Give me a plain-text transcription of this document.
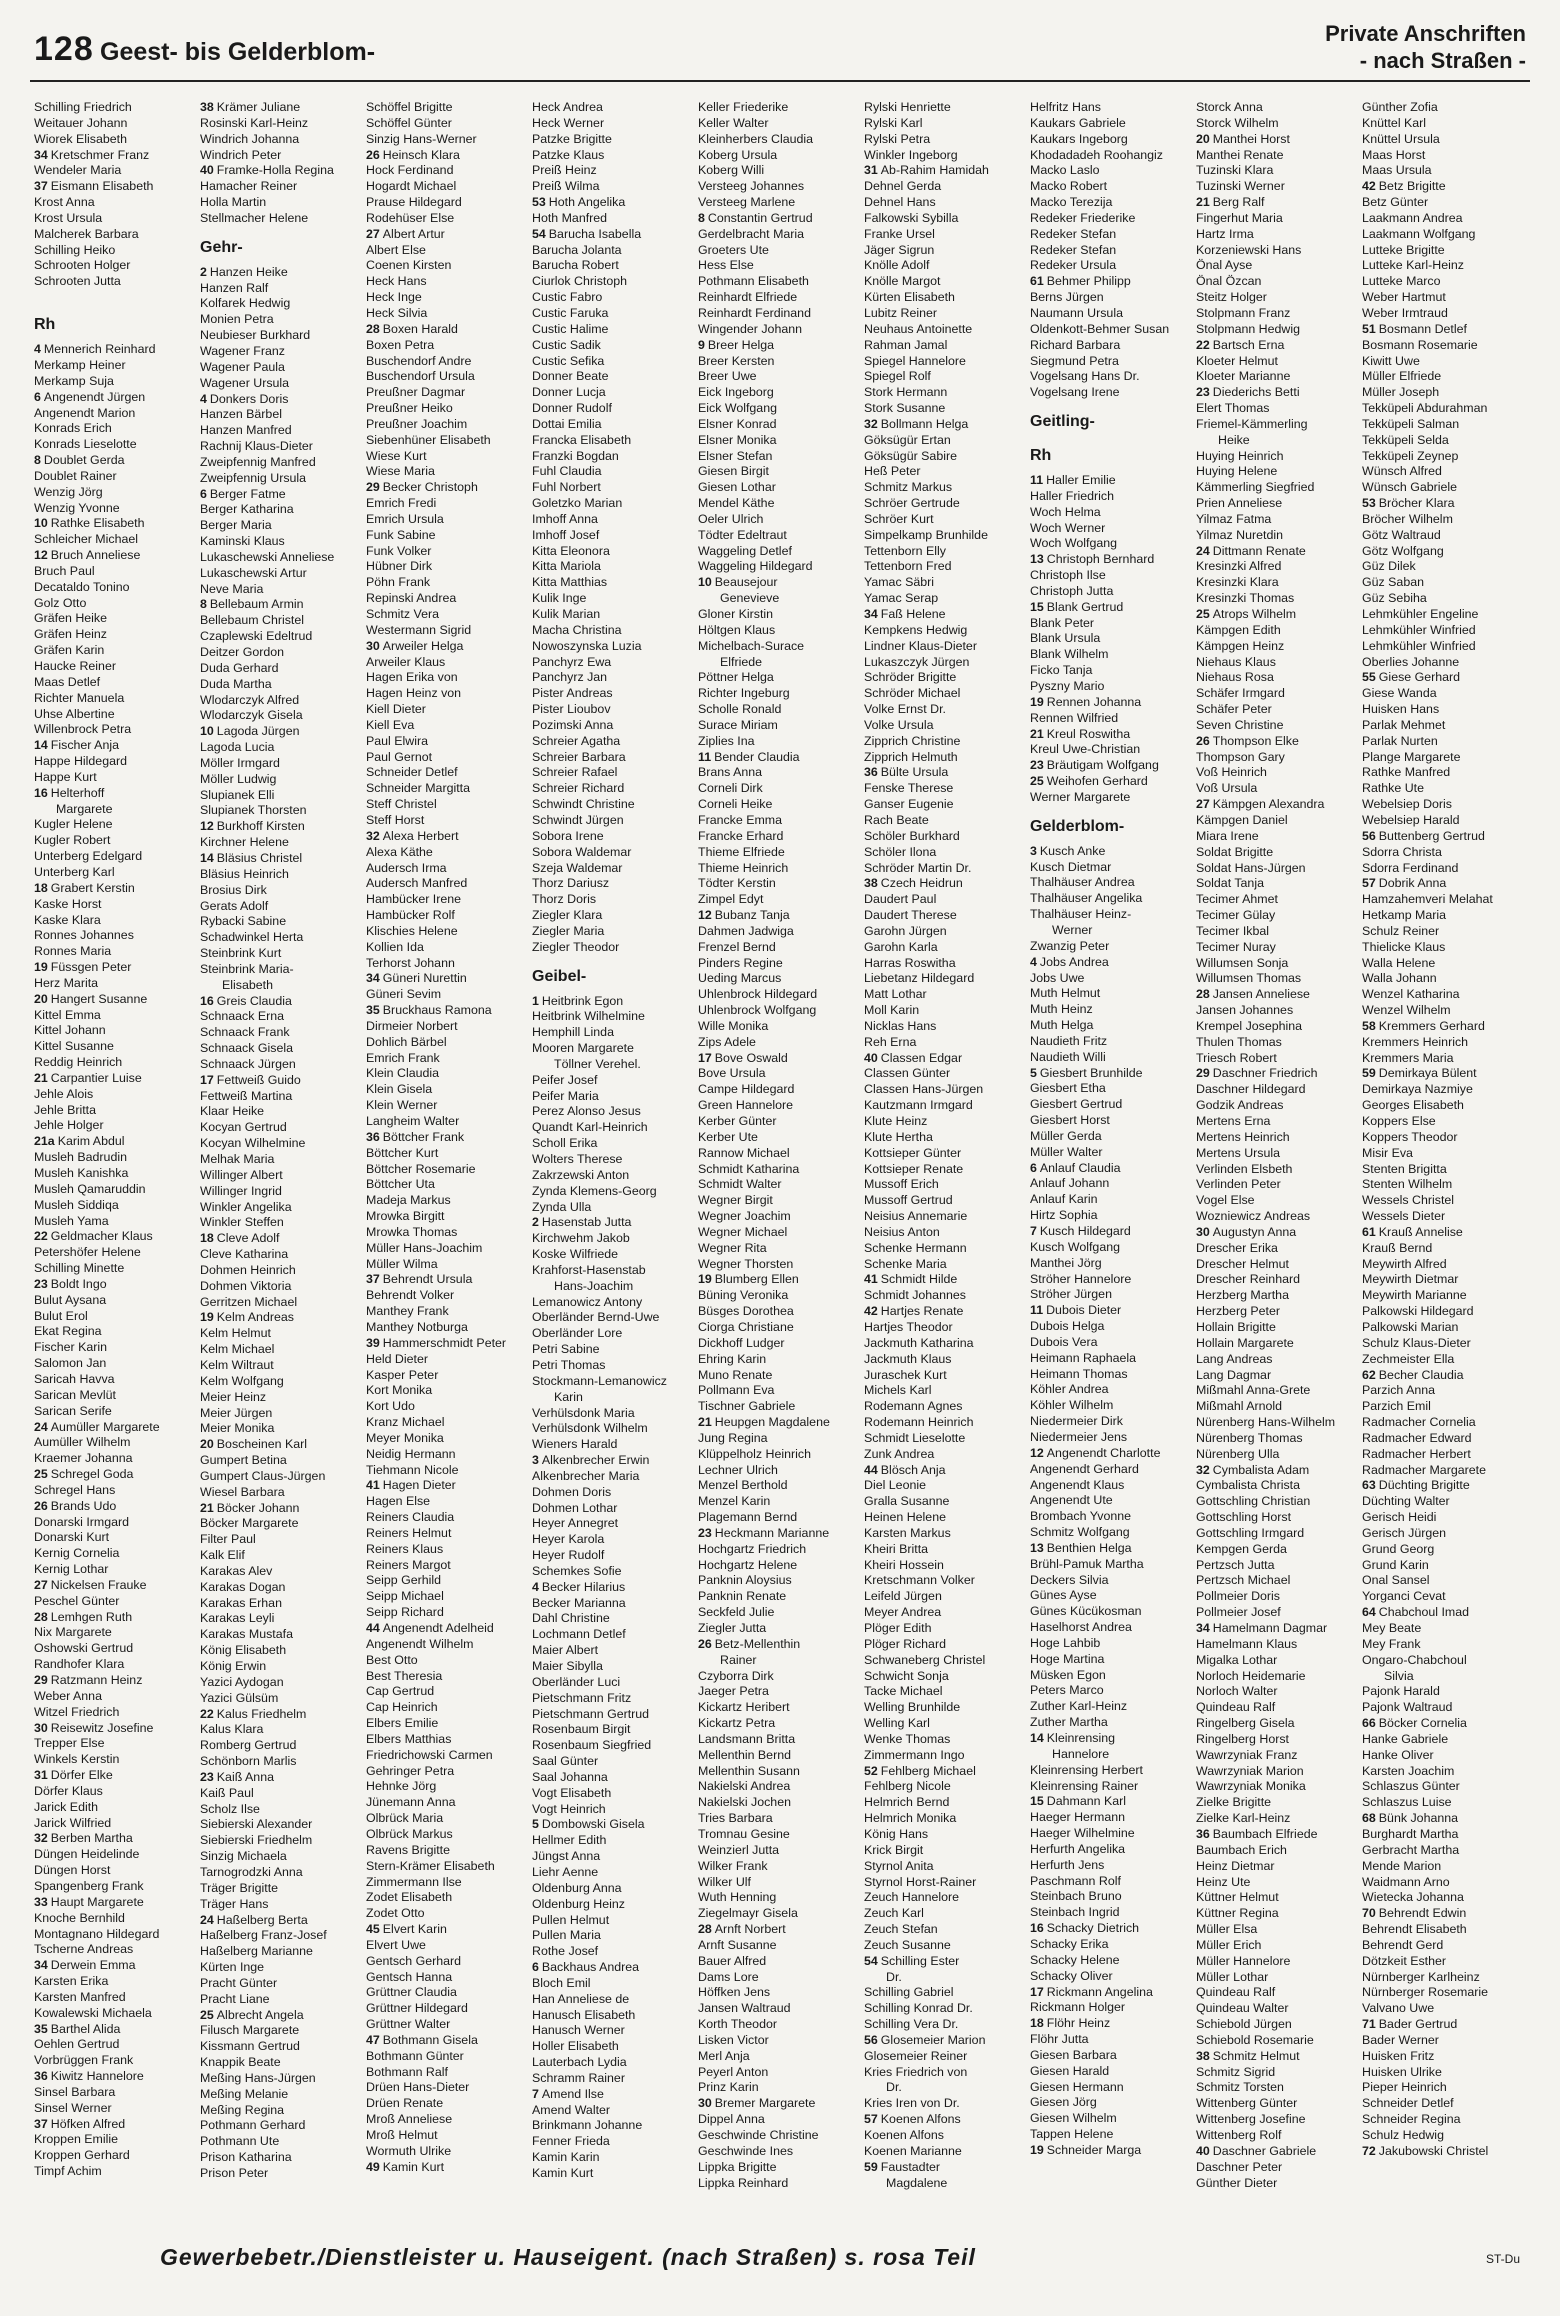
128 Geest- bis Gelderblom-
Private Anschriften
- nach Straßen -
Schilling Friedrich
Weitauer Johann
Wiorek Elisabeth
34 Kretschmer Franz
Wendeler Maria
37 Eismann Elisabeth
Krost Anna
Krost Ursula
Malcherek Barbara
Schilling Heiko
Schrooten Holger
Schrooten Jutta
Rh
4 Mennerich Reinhard
Merkamp Heiner
Merkamp Suja
6 Angenendt Jürgen
Angenendt Marion
Konrads Erich
Konrads Lieselotte
8 Doublet Gerda
Doublet Rainer
Wenzig Jörg
Wenzig Yvonne
10 Rathke Elisabeth
Schleicher Michael
12 Bruch Anneliese
Bruch Paul
Decataldo Tonino
Golz Otto
Gräfen Heike
Gräfen Heinz
Gräfen Karin
Haucke Reiner
Maas Detlef
Richter Manuela
Uhse Albertine
Willenbrock Petra
14 Fischer Anja
Happe Hildegard
Happe Kurt
16 Helterhoff
Margarete
Kugler Helene
Kugler Robert
Unterberg Edelgard
Unterberg Karl
18 Grabert Kerstin
Kaske Horst
Kaske Klara
Ronnes Johannes
Ronnes Maria
19 Füssgen Peter
Herz Marita
20 Hangert Susanne
Kittel Emma
Kittel Johann
Kittel Susanne
Reddig Heinrich
21 Carpantier Luise
Jehle Alois
Jehle Britta
Jehle Holger
21a Karim Abdul
Musleh Badrudin
Musleh Kanishka
Musleh Qamaruddin
Musleh Siddiqa
Musleh Yama
22 Geldmacher Klaus
Petershöfer Helene
Schilling Minette
23 Boldt Ingo
Bulut Aysana
Bulut Erol
Ekat Regina
Fischer Karin
Salomon Jan
Saricah Havva
Sarican Mevlüt
Sarican Serife
24 Aumüller Margarete
Aumüller Wilhelm
Kraemer Johanna
25 Schregel Goda
Schregel Hans
26 Brands Udo
Donarski Irmgard
Donarski Kurt
Kernig Cornelia
Kernig Lothar
27 Nickelsen Frauke
Peschel Günter
28 Lemhgen Ruth
Nix Margarete
Oshowski Gertrud
Randhofer Klara
29 Ratzmann Heinz
Weber Anna
Witzel Friedrich
30 Reisewitz Josefine
Trepper Else
Winkels Kerstin
31 Dörfer Elke
Dörfer Klaus
Jarick Edith
Jarick Wilfried
32 Berben Martha
Düngen Heidelinde
Düngen Horst
Spangenberg Frank
33 Haupt Margarete
Knoche Bernhild
Montagnano Hildegard
Tscherne Andreas
34 Derwein Emma
Karsten Erika
Karsten Manfred
Kowalewski Michaela
35 Barthel Alida
Oehlen Gertrud
Vorbrüggen Frank
36 Kiwitz Hannelore
Sinsel Barbara
Sinsel Werner
37 Höfken Alfred
Kroppen Emilie
Kroppen Gerhard
Timpf Achim
38 Krämer Juliane
Rosinski Karl-Heinz
Windrich Johanna
Windrich Peter
40 Framke-Holla Regina
Hamacher Reiner
Holla Martin
Stellmacher Helene
Gehr-
2 Hanzen Heike
Hanzen Ralf
Kolfarek Hedwig
Monien Petra
Neubieser Burkhard
Wagener Franz
Wagener Paula
Wagener Ursula
4 Donkers Doris
Hanzen Bärbel
Hanzen Manfred
Rachnij Klaus-Dieter
Zweipfennig Manfred
Zweipfennig Ursula
6 Berger Fatme
Berger Katharina
Berger Maria
Kaminski Klaus
Lukaschewski Anneliese
Lukaschewski Artur
Neve Maria
8 Bellebaum Armin
Bellebaum Christel
Czaplewski Edeltrud
Deitzer Gordon
Duda Gerhard
Duda Martha
Wlodarczyk Alfred
Wlodarczyk Gisela
10 Lagoda Jürgen
Lagoda Lucia
Möller Irmgard
Möller Ludwig
Slupianek Elli
Slupianek Thorsten
12 Burkhoff Kirsten
Kirchner Helene
14 Bläsius Christel
Bläsius Heinrich
Brosius Dirk
Gerats Adolf
Rybacki Sabine
Schadwinkel Herta
Steinbrink Kurt
Steinbrink Maria-
Elisabeth
16 Greis Claudia
Schnaack Erna
Schnaack Frank
Schnaack Gisela
Schnaack Jürgen
17 Fettweiß Guido
Fettweiß Martina
Klaar Heike
Kocyan Gertrud
Kocyan Wilhelmine
Melhak Maria
Willinger Albert
Willinger Ingrid
Winkler Angelika
Winkler Steffen
18 Cleve Adolf
Cleve Katharina
Dohmen Heinrich
Dohmen Viktoria
Gerritzen Michael
19 Kelm Andreas
Kelm Helmut
Kelm Michael
Kelm Wiltraut
Kelm Wolfgang
Meier Heinz
Meier Jürgen
Meier Monika
20 Boscheinen Karl
Gumpert Betina
Gumpert Claus-Jürgen
Wiesel Barbara
21 Böcker Johann
Böcker Margarete
Filter Paul
Kalk Elif
Karakas Alev
Karakas Dogan
Karakas Erhan
Karakas Leyli
Karakas Mustafa
König Elisabeth
König Erwin
Yazici Aydogan
Yazici Gülsüm
22 Kalus Friedhelm
Kalus Klara
Romberg Gertrud
Schönborn Marlis
23 Kaiß Anna
Kaiß Paul
Scholz Ilse
Siebierski Alexander
Siebierski Friedhelm
Sinzig Michaela
Tarnogrodzki Anna
Träger Brigitte
Träger Hans
24 Haßelberg Berta
Haßelberg Franz-Josef
Haßelberg Marianne
Kürten Inge
Pracht Günter
Pracht Liane
25 Albrecht Angela
Filusch Margarete
Kissmann Gertrud
Knappik Beate
Meßing Hans-Jürgen
Meßing Melanie
Meßing Regina
Pothmann Gerhard
Pothmann Ute
Prison Katharina
Prison Peter
Schöffel Brigitte
Schöffel Günter
Sinzig Hans-Werner
26 Heinsch Klara
Hock Ferdinand
Hogardt Michael
Prause Hildegard
Rodehüser Else
27 Albert Artur
Albert Else
Coenen Kirsten
Heck Hans
Heck Inge
Heck Silvia
28 Boxen Harald
Boxen Petra
Buschendorf Andre
Buschendorf Ursula
Preußner Dagmar
Preußner Heiko
Preußner Joachim
Siebenhüner Elisabeth
Wiese Kurt
Wiese Maria
29 Becker Christoph
Emrich Fredi
Emrich Ursula
Funk Sabine
Funk Volker
Hübner Dirk
Pöhn Frank
Repinski Andrea
Schmitz Vera
Westermann Sigrid
30 Arweiler Helga
Arweiler Klaus
Hagen Erika von
Hagen Heinz von
Kiell Dieter
Kiell Eva
Paul Elwira
Paul Gernot
Schneider Detlef
Schneider Margitta
Steff Christel
Steff Horst
32 Alexa Herbert
Alexa Käthe
Audersch Irma
Audersch Manfred
Hambücker Irene
Hambücker Rolf
Klischies Helene
Kollien Ida
Terhorst Johann
34 Güneri Nurettin
Güneri Sevim
35 Bruckhaus Ramona
Dirmeier Norbert
Dohlich Bärbel
Emrich Frank
Klein Claudia
Klein Gisela
Klein Werner
Langheim Walter
36 Böttcher Frank
Böttcher Kurt
Böttcher Rosemarie
Böttcher Uta
Madeja Markus
Mrowka Birgitt
Mrowka Thomas
Müller Hans-Joachim
Müller Wilma
37 Behrendt Ursula
Behrendt Volker
Manthey Frank
Manthey Notburga
39 Hammerschmidt Peter
Held Dieter
Kasper Peter
Kort Monika
Kort Udo
Kranz Michael
Meyer Monika
Neidig Hermann
Tiehmann Nicole
41 Hagen Dieter
Hagen Else
Reiners Claudia
Reiners Helmut
Reiners Klaus
Reiners Margot
Seipp Gerhild
Seipp Michael
Seipp Richard
44 Angenendt Adelheid
Angenendt Wilhelm
Best Otto
Best Theresia
Cap Gertrud
Cap Heinrich
Elbers Emilie
Elbers Matthias
Friedrichowski Carmen
Gehringer Petra
Hehnke Jörg
Jünemann Anna
Olbrück Maria
Olbrück Markus
Ravens Brigitte
Stern-Krämer Elisabeth
Zimmermann Ilse
Zodet Elisabeth
Zodet Otto
45 Elvert Karin
Elvert Uwe
Gentsch Gerhard
Gentsch Hanna
Grüttner Claudia
Grüttner Hildegard
Grüttner Walter
47 Bothmann Gisela
Bothmann Günter
Bothmann Ralf
Drüen Hans-Dieter
Drüen Renate
Mroß Anneliese
Mroß Helmut
Wormuth Ulrike
49 Kamin Kurt
Heck Andrea
Heck Werner
Patzke Brigitte
Patzke Klaus
Preiß Heinz
Preiß Wilma
53 Hoth Angelika
Hoth Manfred
54 Barucha Isabella
Barucha Jolanta
Barucha Robert
Ciurlok Christoph
Custic Fabro
Custic Faruka
Custic Halime
Custic Sadik
Custic Sefika
Donner Beate
Donner Lucja
Donner Rudolf
Dottai Emilia
Francka Elisabeth
Franzki Bogdan
Fuhl Claudia
Fuhl Norbert
Goletzko Marian
Imhoff Anna
Imhoff Josef
Kitta Eleonora
Kitta Mariola
Kitta Matthias
Kulik Inge
Kulik Marian
Macha Christina
Nowoszynska Luzia
Panchyrz Ewa
Panchyrz Jan
Pister Andreas
Pister Lioubov
Pozimski Anna
Schreier Agatha
Schreier Barbara
Schreier Rafael
Schreier Richard
Schwindt Christine
Schwindt Jürgen
Sobora Irene
Sobora Waldemar
Szeja Waldemar
Thorz Dariusz
Thorz Doris
Ziegler Klara
Ziegler Maria
Ziegler Theodor
Geibel-
1 Heitbrink Egon
Heitbrink Wilhelmine
Hemphill Linda
Mooren Margarete
Töllner Verehel.
Peifer Josef
Peifer Maria
Perez Alonso Jesus
Quandt Karl-Heinrich
Scholl Erika
Wolters Therese
Zakrzewski Anton
Zynda Klemens-Georg
Zynda Ulla
2 Hasenstab Jutta
Kirchwehm Jakob
Koske Wilfriede
Krahforst-Hasenstab
Hans-Joachim
Lemanowicz Antony
Oberländer Bernd-Uwe
Oberländer Lore
Petri Sabine
Petri Thomas
Stockmann-Lemanowicz
Karin
Verhülsdonk Maria
Verhülsdonk Wilhelm
Wieners Harald
3 Alkenbrecher Erwin
Alkenbrecher Maria
Dohmen Doris
Dohmen Lothar
Heyer Annegret
Heyer Karola
Heyer Rudolf
Schemkes Sofie
4 Becker Hilarius
Becker Marianna
Dahl Christine
Lochmann Detlef
Maier Albert
Maier Sibylla
Oberländer Luci
Pietschmann Fritz
Pietschmann Gertrud
Rosenbaum Birgit
Rosenbaum Siegfried
Saal Günter
Saal Johanna
Vogt Elisabeth
Vogt Heinrich
5 Dombowski Gisela
Hellmer Edith
Jüngst Anna
Liehr Aenne
Oldenburg Anna
Oldenburg Heinz
Pullen Helmut
Pullen Maria
Rothe Josef
6 Backhaus Andrea
Bloch Emil
Han Anneliese de
Hanusch Elisabeth
Hanusch Werner
Holler Elisabeth
Lauterbach Lydia
Schramm Rainer
7 Amend Ilse
Amend Walter
Brinkmann Johanne
Fenner Frieda
Kamin Karin
Kamin Kurt
Keller Friederike
Keller Walter
Kleinherbers Claudia
Koberg Ursula
Koberg Willi
Versteeg Johannes
Versteeg Marlene
8 Constantin Gertrud
Gerdelbracht Maria
Groeters Ute
Hess Else
Pothmann Elisabeth
Reinhardt Elfriede
Reinhardt Ferdinand
Wingender Johann
9 Breer Helga
Breer Kersten
Breer Uwe
Eick Ingeborg
Eick Wolfgang
Elsner Konrad
Elsner Monika
Elsner Stefan
Giesen Birgit
Giesen Lothar
Mendel Käthe
Oeler Ulrich
Tödter Edeltraut
Waggeling Detlef
Waggeling Hildegard
10 Beausejour
Genevieve
Gloner Kirstin
Höltgen Klaus
Michelbach-Surace
Elfriede
Pöttner Helga
Richter Ingeburg
Scholle Ronald
Surace Miriam
Ziplies Ina
11 Bender Claudia
Brans Anna
Corneli Dirk
Corneli Heike
Francke Emma
Francke Erhard
Thieme Elfriede
Thieme Heinrich
Tödter Kerstin
Zimpel Edyt
12 Bubanz Tanja
Dahmen Jadwiga
Frenzel Bernd
Pinders Regine
Ueding Marcus
Uhlenbrock Hildegard
Uhlenbrock Wolfgang
Wille Monika
Zips Adele
17 Bove Oswald
Bove Ursula
Campe Hildegard
Green Hannelore
Kerber Günter
Kerber Ute
Rannow Michael
Schmidt Katharina
Schmidt Walter
Wegner Birgit
Wegner Joachim
Wegner Michael
Wegner Rita
Wegner Thorsten
19 Blumberg Ellen
Büning Veronika
Büsges Dorothea
Ciorga Christiane
Dickhoff Ludger
Ehring Karin
Muno Renate
Pollmann Eva
Tischner Gabriele
21 Heupgen Magdalene
Jung Regina
Klüppelholz Heinrich
Lechner Ulrich
Menzel Berthold
Menzel Karin
Plagemann Bernd
23 Heckmann Marianne
Hochgartz Friedrich
Hochgartz Helene
Panknin Aloysius
Panknin Renate
Seckfeld Julie
Ziegler Jutta
26 Betz-Mellenthin
Rainer
Czyborra Dirk
Jaeger Petra
Kickartz Heribert
Kickartz Petra
Landsmann Britta
Mellenthin Bernd
Mellenthin Susann
Nakielski Andrea
Nakielski Jochen
Tries Barbara
Tromnau Gesine
Weinzierl Jutta
Wilker Frank
Wilker Ulf
Wuth Henning
Ziegelmayr Gisela
28 Arnft Norbert
Arnft Susanne
Bauer Alfred
Dams Lore
Höffken Jens
Jansen Waltraud
Korth Theodor
Lisken Victor
Merl Anja
Peyerl Anton
Prinz Karin
30 Bremer Margarete
Dippel Anna
Geschwinde Christine
Geschwinde Ines
Lippka Brigitte
Lippka Reinhard
Rylski Henriette
Rylski Karl
Rylski Petra
Winkler Ingeborg
31 Ab-Rahim Hamidah
Dehnel Gerda
Dehnel Hans
Falkowski Sybilla
Franke Ursel
Jäger Sigrun
Knölle Adolf
Knölle Margot
Kürten Elisabeth
Lubitz Reiner
Neuhaus Antoinette
Rahman Jamal
Spiegel Hannelore
Spiegel Rolf
Stork Hermann
Stork Susanne
32 Bollmann Helga
Göksügür Ertan
Göksügür Sabire
Heß Peter
Schmitz Markus
Schröer Gertrude
Schröer Kurt
Simpelkamp Brunhilde
Tettenborn Elly
Tettenborn Fred
Yamac Säbri
Yamac Serap
34 Faß Helene
Kempkens Hedwig
Lindner Klaus-Dieter
Lukaszczyk Jürgen
Schröder Brigitte
Schröder Michael
Volke Ernst Dr.
Volke Ursula
Zipprich Christine
Zipprich Helmuth
36 Bülte Ursula
Fenske Therese
Ganser Eugenie
Rach Beate
Schöler Burkhard
Schöler Ilona
Schröder Martin Dr.
38 Czech Heidrun
Daudert Paul
Daudert Therese
Garohn Jürgen
Garohn Karla
Harras Roswitha
Liebetanz Hildegard
Matt Lothar
Moll Karin
Nicklas Hans
Reh Erna
40 Classen Edgar
Classen Günter
Classen Hans-Jürgen
Kautzmann Irmgard
Klute Heinz
Klute Hertha
Kottsieper Günter
Kottsieper Renate
Mussoff Erich
Mussoff Gertrud
Neisius Annemarie
Neisius Anton
Schenke Hermann
Schenke Maria
41 Schmidt Hilde
Schmidt Johannes
42 Hartjes Renate
Hartjes Theodor
Jackmuth Katharina
Jackmuth Klaus
Juraschek Kurt
Michels Karl
Rodemann Agnes
Rodemann Heinrich
Schmidt Lieselotte
Zunk Andrea
44 Blösch Anja
Diel Leonie
Gralla Susanne
Heinen Helene
Karsten Markus
Kheiri Britta
Kheiri Hossein
Kretschmann Volker
Leifeld Jürgen
Meyer Andrea
Plöger Edith
Plöger Richard
Schwaneberg Christel
Schwicht Sonja
Tacke Michael
Welling Brunhilde
Welling Karl
Wenke Thomas
Zimmermann Ingo
52 Fehlberg Michael
Fehlberg Nicole
Helmrich Bernd
Helmrich Monika
König Hans
Krick Birgit
Styrnol Anita
Styrnol Horst-Rainer
Zeuch Hannelore
Zeuch Karl
Zeuch Stefan
Zeuch Susanne
54 Schilling Ester
Dr.
Schilling Gabriel
Schilling Konrad Dr.
Schilling Vera Dr.
56 Glosemeier Marion
Glosemeier Reiner
Kries Friedrich von
Dr.
Kries Iren von Dr.
57 Koenen Alfons
Koenen Alfons
Koenen Marianne
59 Faustadter
Magdalene
Helfritz Hans
Kaukars Gabriele
Kaukars Ingeborg
Khodadadeh Roohangiz
Macko Laslo
Macko Robert
Macko Terezija
Redeker Friederike
Redeker Stefan
Redeker Stefan
Redeker Ursula
61 Behmer Philipp
Berns Jürgen
Naumann Ursula
Oldenkott-Behmer Susan
Richard Barbara
Siegmund Petra
Vogelsang Hans Dr.
Vogelsang Irene
Geitling-
Rh
11 Haller Emilie
Haller Friedrich
Woch Helma
Woch Werner
Woch Wolfgang
13 Christoph Bernhard
Christoph Ilse
Christoph Jutta
15 Blank Gertrud
Blank Peter
Blank Ursula
Blank Wilhelm
Ficko Tanja
Pyszny Mario
19 Rennen Johanna
Rennen Wilfried
21 Kreul Roswitha
Kreul Uwe-Christian
23 Bräutigam Wolfgang
25 Weihofen Gerhard
Werner Margarete
Gelderblom-
3 Kusch Anke
Kusch Dietmar
Thalhäuser Andrea
Thalhäuser Angelika
Thalhäuser Heinz-
Werner
Zwanzig Peter
4 Jobs Andrea
Jobs Uwe
Muth Helmut
Muth Heinz
Muth Helga
Naudieth Fritz
Naudieth Willi
5 Giesbert Brunhilde
Giesbert Etha
Giesbert Gertrud
Giesbert Horst
Müller Gerda
Müller Walter
6 Anlauf Claudia
Anlauf Johann
Anlauf Karin
Hirtz Sophia
7 Kusch Hildegard
Kusch Wolfgang
Manthei Jörg
Ströher Hannelore
Ströher Jürgen
11 Dubois Dieter
Dubois Helga
Dubois Vera
Heimann Raphaela
Heimann Thomas
Köhler Andrea
Köhler Wilhelm
Niedermeier Dirk
Niedermeier Jens
12 Angenendt Charlotte
Angenendt Gerhard
Angenendt Klaus
Angenendt Ute
Brombach Yvonne
Schmitz Wolfgang
13 Benthien Helga
Brühl-Pamuk Martha
Deckers Silvia
Günes Ayse
Günes Kücükosman
Haselhorst Andrea
Hoge Lahbib
Hoge Martina
Müsken Egon
Peters Marco
Zuther Karl-Heinz
Zuther Martha
14 Kleinrensing
Hannelore
Kleinrensing Herbert
Kleinrensing Rainer
15 Dahmann Karl
Haeger Hermann
Haeger Wilhelmine
Herfurth Angelika
Herfurth Jens
Paschmann Rolf
Steinbach Bruno
Steinbach Ingrid
16 Schacky Dietrich
Schacky Erika
Schacky Helene
Schacky Oliver
17 Rickmann Angelina
Rickmann Holger
18 Flöhr Heinz
Flöhr Jutta
Giesen Barbara
Giesen Harald
Giesen Hermann
Giesen Jörg
Giesen Wilhelm
Tappen Helene
19 Schneider Marga
Storck Anna
Storck Wilhelm
20 Manthei Horst
Manthei Renate
Tuzinski Klara
Tuzinski Werner
21 Berg Ralf
Fingerhut Maria
Hartz Irma
Korzeniewski Hans
Önal Ayse
Önal Özcan
Steitz Holger
Stolpmann Franz
Stolpmann Hedwig
22 Bartsch Erna
Kloeter Helmut
Kloeter Marianne
23 Diederichs Betti
Elert Thomas
Friemel-Kämmerling
Heike
Huying Heinrich
Huying Helene
Kämmerling Siegfried
Prien Anneliese
Yilmaz Fatma
Yilmaz Nuretdin
24 Dittmann Renate
Kresinzki Alfred
Kresinzki Klara
Kresinzki Thomas
25 Atrops Wilhelm
Kämpgen Edith
Kämpgen Heinz
Niehaus Klaus
Niehaus Rosa
Schäfer Irmgard
Schäfer Peter
Seven Christine
26 Thompson Elke
Thompson Gary
Voß Heinrich
Voß Ursula
27 Kämpgen Alexandra
Kämpgen Daniel
Miara Irene
Soldat Brigitte
Soldat Hans-Jürgen
Soldat Tanja
Tecimer Ahmet
Tecimer Gülay
Tecimer Ikbal
Tecimer Nuray
Willumsen Sonja
Willumsen Thomas
28 Jansen Anneliese
Jansen Johannes
Krempel Josephina
Thulen Thomas
Triesch Robert
29 Daschner Friedrich
Daschner Hildegard
Godzik Andreas
Mertens Erna
Mertens Heinrich
Mertens Ursula
Verlinden Elsbeth
Verlinden Peter
Vogel Else
Wozniewicz Andreas
30 Augustyn Anna
Drescher Erika
Drescher Helmut
Drescher Reinhard
Herzberg Martha
Herzberg Peter
Hollain Brigitte
Hollain Margarete
Lang Andreas
Lang Dagmar
Mißmahl Anna-Grete
Mißmahl Arnold
Nürenberg Hans-Wilhelm
Nürenberg Thomas
Nürenberg Ulla
32 Cymbalista Adam
Cymbalista Christa
Gottschling Christian
Gottschling Horst
Gottschling Irmgard
Kempgen Gerda
Pertzsch Jutta
Pertzsch Michael
Pollmeier Doris
Pollmeier Josef
34 Hamelmann Dagmar
Hamelmann Klaus
Migalka Lothar
Norloch Heidemarie
Norloch Walter
Quindeau Ralf
Ringelberg Gisela
Ringelberg Horst
Wawrzyniak Franz
Wawrzyniak Marion
Wawrzyniak Monika
Zielke Brigitte
Zielke Karl-Heinz
36 Baumbach Elfriede
Baumbach Erich
Heinz Dietmar
Heinz Ute
Küttner Helmut
Küttner Regina
Müller Elsa
Müller Erich
Müller Hannelore
Müller Lothar
Quindeau Ralf
Quindeau Walter
Schiebold Jürgen
Schiebold Rosemarie
38 Schmitz Helmut
Schmitz Sigrid
Schmitz Torsten
Wittenberg Günter
Wittenberg Josefine
Wittenberg Rolf
40 Daschner Gabriele
Daschner Peter
Günther Dieter
Günther Zofia
Knüttel Karl
Knüttel Ursula
Maas Horst
Maas Ursula
42 Betz Brigitte
Betz Günter
Laakmann Andrea
Laakmann Wolfgang
Lutteke Brigitte
Lutteke Karl-Heinz
Lutteke Marco
Weber Hartmut
Weber Irmtraud
51 Bosmann Detlef
Bosmann Rosemarie
Kiwitt Uwe
Müller Elfriede
Müller Joseph
Tekküpeli Abdurahman
Tekküpeli Salman
Tekküpeli Selda
Tekküpeli Zeynep
Wünsch Alfred
Wünsch Gabriele
53 Bröcher Klara
Bröcher Wilhelm
Götz Waltraud
Götz Wolfgang
Güz Dilek
Güz Saban
Güz Sebiha
Lehmkühler Engeline
Lehmkühler Winfried
Lehmkühler Winfried
Oberlies Johanne
55 Giese Gerhard
Giese Wanda
Huisken Hans
Parlak Mehmet
Parlak Nurten
Plange Margarete
Rathke Manfred
Rathke Ute
Webelsiep Doris
Webelsiep Harald
56 Buttenberg Gertrud
Sdorra Christa
Sdorra Ferdinand
57 Dobrik Anna
Hamzahemveri Melahat
Hetkamp Maria
Schulz Reiner
Thielicke Klaus
Walla Helene
Walla Johann
Wenzel Katharina
Wenzel Wilhelm
58 Kremmers Gerhard
Kremmers Heinrich
Kremmers Maria
59 Demirkaya Bülent
Demirkaya Nazmiye
Georges Elisabeth
Koppers Else
Koppers Theodor
Misir Eva
Stenten Brigitta
Stenten Wilhelm
Wessels Christel
Wessels Dieter
61 Krauß Annelise
Krauß Bernd
Meywirth Alfred
Meywirth Dietmar
Meywirth Marianne
Palkowski Hildegard
Palkowski Marian
Schulz Klaus-Dieter
Zechmeister Ella
62 Becher Claudia
Parzich Anna
Parzich Emil
Radmacher Cornelia
Radmacher Edward
Radmacher Herbert
Radmacher Margarete
63 Düchting Brigitte
Düchting Walter
Gerisch Heidi
Gerisch Jürgen
Grund Georg
Grund Karin
Onal Sansel
Yorganci Cevat
64 Chabchoul Imad
Mey Beate
Mey Frank
Ongaro-Chabchoul
Silvia
Pajonk Harald
Pajonk Waltraud
66 Böcker Cornelia
Hanke Gabriele
Hanke Oliver
Karsten Joachim
Schlaszus Günter
Schlaszus Luise
68 Bünk Johanna
Burghardt Martha
Gerbracht Martha
Mende Marion
Waidmann Arno
Wietecka Johanna
70 Behrendt Edwin
Behrendt Elisabeth
Behrendt Gerd
Dötzkeit Esther
Nürnberger Karlheinz
Nürnberger Rosemarie
Valvano Uwe
71 Bader Gertrud
Bader Werner
Huisken Fritz
Huisken Ulrike
Pieper Heinrich
Schneider Detlef
Schneider Regina
Schulz Hedwig
72 Jakubowski Christel
Gewerbebetr./Dienstleister u. Hauseigent. (nach Straßen) s. rosa Teil	ST-Du
